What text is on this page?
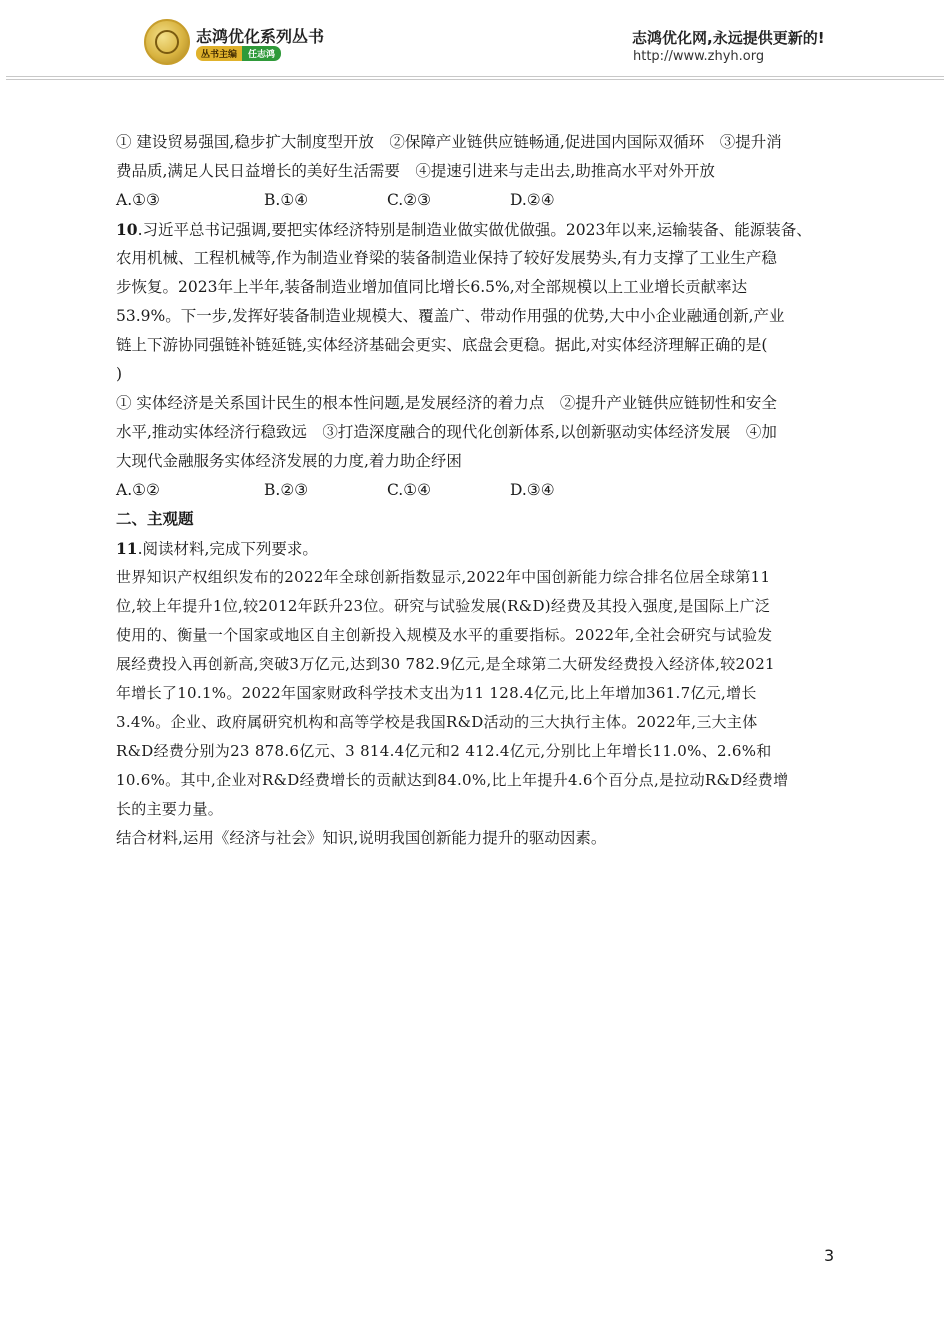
志鸿优化系列丛书
丛书主编 任志鸿
志鸿优化网,永远提供更新的!
http://www.zhyh.org
① 建设贸易强国,稳步扩大制度型开放　②保障产业链供应链畅通,促进国内国际双循环　③提升消
费品质,满足人民日益增长的美好生活需要　④提速引进来与走出去,助推高水平对外开放
A.①③	B.①④	C.②③	D.②④
10.习近平总书记强调,要把实体经济特别是制造业做实做优做强。2023年以来,运输装备、能源装备、
农用机械、工程机械等,作为制造业脊梁的装备制造业保持了较好发展势头,有力支撑了工业生产稳
步恢复。2023年上半年,装备制造业增加值同比增长6.5%,对全部规模以上工业增长贡献率达
53.9%。下一步,发挥好装备制造业规模大、覆盖广、带动作用强的优势,大中小企业融通创新,产业
链上下游协同强链补链延链,实体经济基础会更实、底盘会更稳。据此,对实体经济理解正确的是(
)
① 实体经济是关系国计民生的根本性问题,是发展经济的着力点　②提升产业链供应链韧性和安全
水平,推动实体经济行稳致远　③打造深度融合的现代化创新体系,以创新驱动实体经济发展　④加
大现代金融服务实体经济发展的力度,着力助企纾困
A.①②	B.②③	C.①④	D.③④
二、主观题
11.阅读材料,完成下列要求。
世界知识产权组织发布的2022年全球创新指数显示,2022年中国创新能力综合排名位居全球第11
位,较上年提升1位,较2012年跃升23位。研究与试验发展(R&D)经费及其投入强度,是国际上广泛
使用的、衡量一个国家或地区自主创新投入规模及水平的重要指标。2022年,全社会研究与试验发
展经费投入再创新高,突破3万亿元,达到30 782.9亿元,是全球第二大研发经费投入经济体,较2021
年增长了10.1%。2022年国家财政科学技术支出为11 128.4亿元,比上年增加361.7亿元,增长
3.4%。企业、政府属研究机构和高等学校是我国R&D活动的三大执行主体。2022年,三大主体
R&D经费分别为23 878.6亿元、3 814.4亿元和2 412.4亿元,分别比上年增长11.0%、2.6%和
10.6%。其中,企业对R&D经费增长的贡献达到84.0%,比上年提升4.6个百分点,是拉动R&D经费增
长的主要力量。
结合材料,运用《经济与社会》知识,说明我国创新能力提升的驱动因素。
3
